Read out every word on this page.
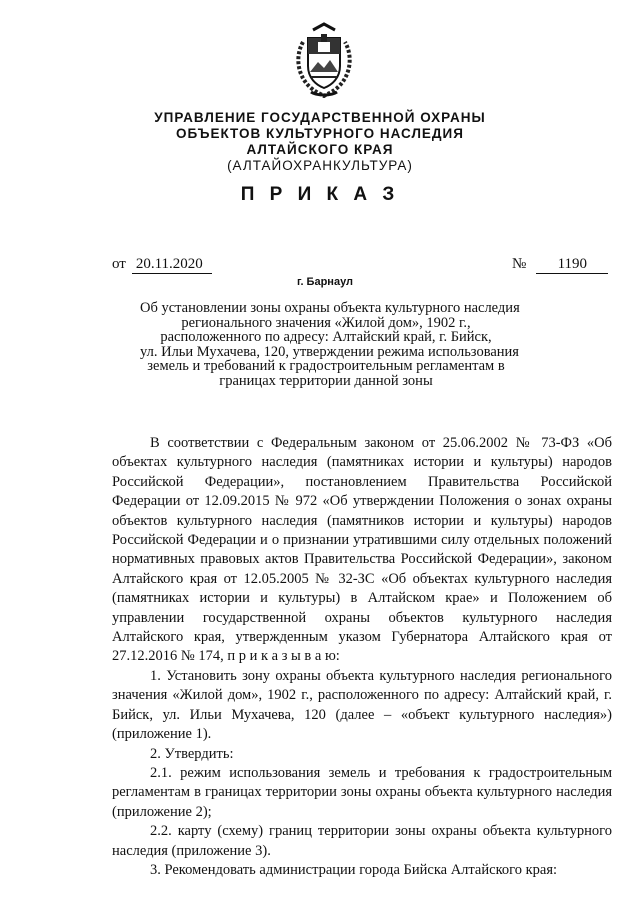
УПРАВЛЕНИЕ ГОСУДАРСТВЕННОЙ ОХРАНЫ
ОБЪЕКТОВ КУЛЬТУРНОГО НАСЛЕДИЯ
АЛТАЙСКОГО КРАЯ
(АЛТАЙОХРАНКУЛЬТУРА)
П Р И К А З
от 20.11.2020	№ 1190
г. Барнаул
Об установлении зоны охраны объекта культурного наследия
регионального значения «Жилой дом», 1902 г.,
расположенного по адресу: Алтайский край, г. Бийск,
ул. Ильи Мухачева, 120, утверждении режима использования
земель и требований к градостроительным регламентам в
границах территории данной зоны

В соответствии с Федеральным законом от 25.06.2002 № 73-ФЗ «Об объектах культурного наследия (памятниках истории и культуры) народов Российской Федерации», постановлением Правительства Российской Федерации от 12.09.2015 № 972 «Об утверждении Положения о зонах охраны объектов культурного наследия (памятников истории и культуры) народов Российской Федерации и о признании утратившими силу отдельных положений нормативных правовых актов Правительства Российской Федерации», законом Алтайского края от 12.05.2005 № 32-ЗС «Об объектах культурного наследия (памятниках истории и культуры) в Алтайском крае» и Положением об управлении государственной охраны объектов культурного наследия Алтайского края, утвержденным указом Губернатора Алтайского края от 27.12.2016 № 174, п р и к а з ы в а ю:

1. Установить зону охраны объекта культурного наследия регионального значения «Жилой дом», 1902 г., расположенного по адресу: Алтайский край, г. Бийск, ул. Ильи Мухачева, 120 (далее – «объект культурного наследия») (приложение 1).

2. Утвердить:

2.1. режим использования земель и требования к градостроительным регламентам в границах территории зоны охраны объекта культурного наследия (приложение 2);

2.2. карту (схему) границ территории зоны охраны объекта культурного наследия (приложение 3).

3. Рекомендовать администрации города Бийска Алтайского края:
